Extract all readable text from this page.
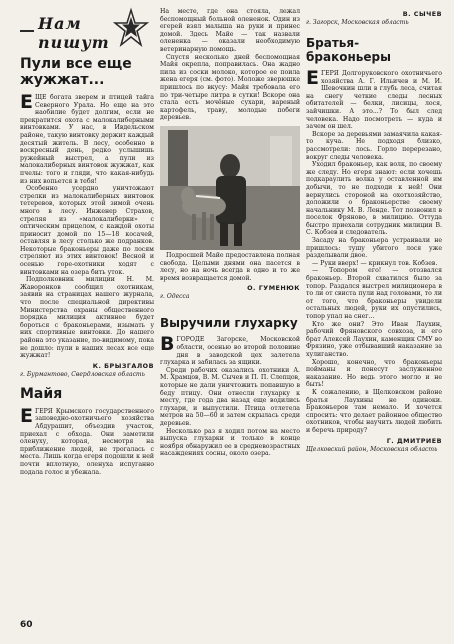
Нам пишут
Пули все еще жужжат...
Е ЩЕ богата зверем и птицей тайга Северного Урала. Но еще на это наобилие будет долгим, если не прекратится охота с малокалиберными винтовками. У нас, в Ивдельском районе, такую винтовку держит каждый десятый житель. В лесу, особенно в воскресный день, редко услышишь ружейный выстрел, а пули из малокалиберных винтовок жужжат, как пчелы: того и гляди, что какая-нибудь из них вопьется в тебя!

Особенно усердно уничтожают стрелки из малокалиберных винтовок тетеревов, которых этой зимой очень много в лесу. Инженер Страхов, стреляя из «малокалиберки» с оптическим прицелом, с каждой охоты приносит домой по 15—18 косачей, оставляя в лесу столько же подранков. Некоторые браконьеры даже по лосям стреляют из этих винтовок! Весной и осенью горе-охотники ходят с винтовками на озера бить уток.

Подполковник милиции Н. М. Жаворонков сообщил охотникам, заявив на страницах нашего журнала, что после специальной директивы Министерства охраны общественного порядка милиция активнее будет бороться с браконьерами, изымать у них спортивные винтовки. До нашего района это указание, по-видимому, пока не дошло: пули в наших лесах все еще жужжат!

К. БРЫЗГАЛОВ
г. Бурмантово, Свердловская область
Майя
Е ГЕРЯ Крымского государственного заповедно-охотничьего хозяйства Абдурашит, объездив участок, приехал с обхода. Они заметили оленуху, которая, несмотря на приближение людей, не трогалась с места. Лишь когда егеря подошли к ней почти вплотную, оленуха испуганно подала голос и убежала.

На месте, где она стояла, лежал беспомощный больной олененок. Один из егерей взял малыша на руки и принес домой. Здесь Майе — так назвали олененка — оказали необходимую ветеринарную помощь.

Спустя несколько дней беспомощная Майя окрепла, поправилась. Она жадно пила из соски молоко, которое ее поила жена егеря (см. фото). Моложе зверюшке пришлось по вкусу: Майя требовала его по три-четыре литра в сутки! Вскоре она стала есть мочёные сухари, вареный картофель, траву, молодые побеги деревьев.

Подросшей Майе предоставлена полная свобода. Целыми днями она пасется в лесу, но на ночь всегда в одно и то же время возвращается домой.

О. ГУМЕНЮК
г. Одесса
Выручили глухарку
В ГОРОДЕ Загорске, Московской области, осенью во второй половине дня в заводской цех залетела глухарка и забилась за ящики.

Среди рабочих оказались охотники А. М. Храмцов, В. М. Сычев и П. П. Слепцов, которые не дали уничтожить попавшую в беду птицу. Они отнесли глухарку к месту, где года два назад еще водились глухари, и выпустили. Птица отлетела метров на 50—60 и затем скрылась среди деревьев.

Несколько раз я ходил потом на место выпуска глухарки и только в конце ноября обнаружил ее в средневозрастных насаждениях сосны, около озера.

В. СЫЧЕВ
г. Загорск, Московская область
Братья-браконьеры
Е ГЕРЯ Долгоруковского охотничьего хозяйства А. Г. Ильичев и М. И. Шевочкин шли в глубь леса, считая на снегу четкие следы лесных обитателей — белки, лисицы, лося, зайчишки. А это...? То был след человека. Надо посмотреть — куда и зачем он шел.

Вскоре за деревьями замаячила какая-то куча. Не подходя близко, рассмотрели: лось. Горло перерезано, вокруг следы человека.

Уходил браконьер, как волк, по своему же следу. Но егеря знают: если хочешь подкараулить волка у оставленной им добычи, то не подходи к ней! Они вернулись стороной на охотхозяйство, доложили о браконьерстве своему начальнику М. В. Ленде. Тот позвонил в поселок Фряново, в милицию. Оттуда быстро приехали сотрудник милиции В. С. Кобзев и следователь.

Засаду на браконьера устраивали не пришлось: тушу убитого лося уже разделывали двое.

— Руки вверх! — крикнул тов. Кобзев.

— Топором его! — отозвался браконьер. Второй схватился было за топор. Раздался выстрел милиционера в то ли от свиста пули над головами, то ли от того, что браконьеры увидели остальных людей, руки их опустились, топор упал на снег...

Кто же они? Это Иван Лаухин, рабочий Фряновского совхоза, и его брат Алексей Лаухин, каменщик СМУ во Фрязино, уже отбывавший наказание за хулиганство.

Хорошо, конечно, что браконьеры пойманы и понесут заслуженное наказание. Но ведь этого могло и не быть!

К сожалению, в Щелковском районе братья Лаухины не одиноки. Браконьеров там немало. И хочется спросить: что делает районное общество охотников, чтобы научить людей любить и беречь природу?

Г. ДМИТРИЕВ
Щелковский район, Московская область
60
